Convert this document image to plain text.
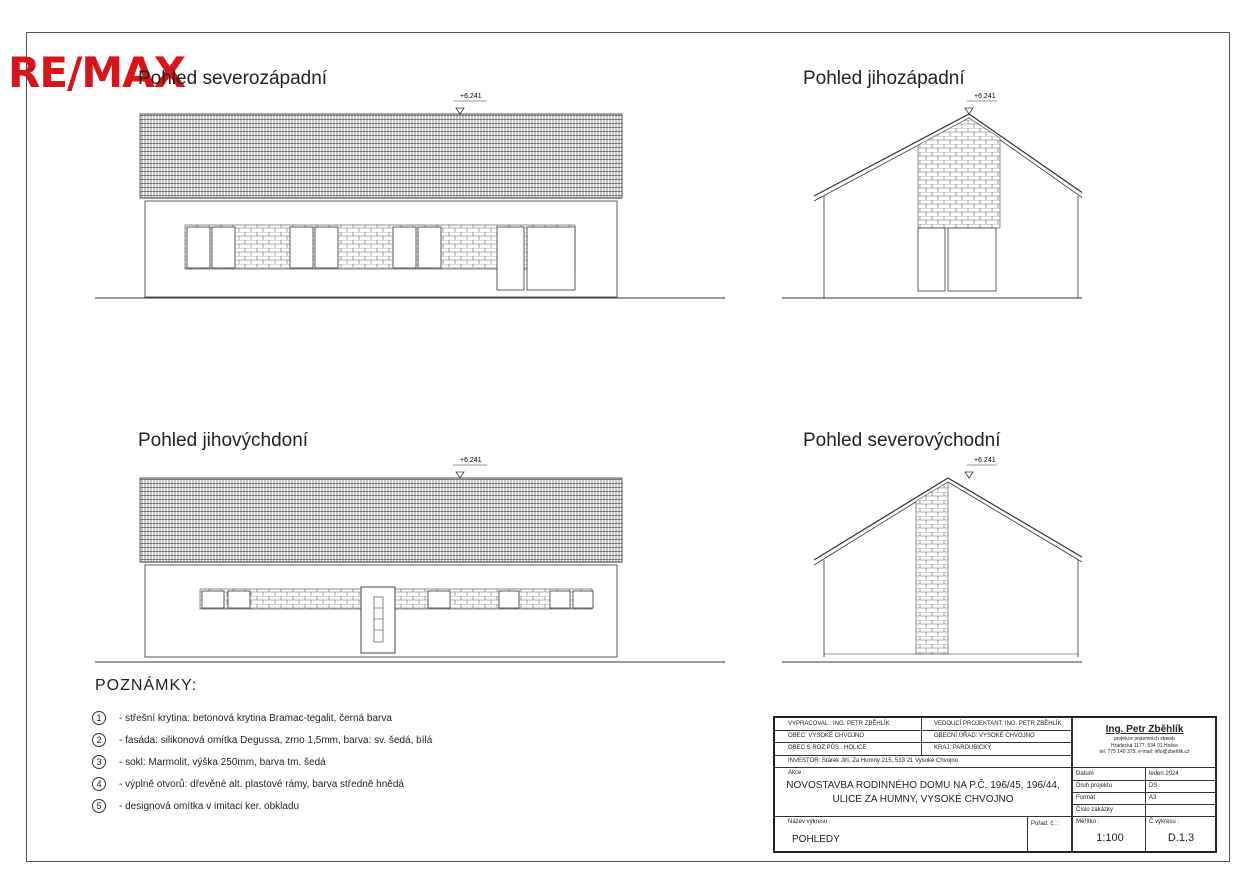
RE/MAX
Pohled severozápadní	Pohled jihozápadní
Pohled jihovýchdoní	Pohled severovýchodní
+6.241	+6.241
+6.241	+6.241
POZNÁMKY:
1	- střešní krytina: betonová krytina Bramac-tegalit, černá barva
2	- fasáda: silikonová omítka Degussa, zrno 1,5mm, barva: sv. šedá, bílá
3	- sokl: Marmolit, výška 250mm, barva tm. šedá
4	- výplně otvorů: dřevěné alt. plastové rámy, barva středně hnědá
5	- designová omítka v imitaci ker. obkladu
VYPRACOVAL : ING. PETR ZBĚHLÍK	VEDOUCÍ PROJEKTANT: ING. PETR ZBĚHLÍK
OBEC: VYSOKÉ CHVOJNO	OBECNÍ ÚŘAD: VYSOKÉ CHVOJNO
OBEC S ROZ.PŮS.: HOLICE	KRAJ: PARDUBICKÝ
INVESTOR: Stárek Jiří, Za Humny 215, 533 21 Vysoké Chvojno
Akce :
NOVOSTAVBA RODINNÉHO DOMU NA P.Č. 196/45, 196/44,
ULICE ZA HUMNY, VYSOKÉ CHVOJNO
Název výkresu :
POHLEDY
Pořad. č. :
Ing. Petr Zběhlík
projekce pozemních staveb
Hradecká 1177, 534 01 Holice
tel. 775 140 375, e-mail: info@zbehlik.cz
Datum	leden 2024
Druh projektu	DS
Formát	A3
Číslo zakázky
Měřítko :
1:100
Č.výkresu :
D.1.3
